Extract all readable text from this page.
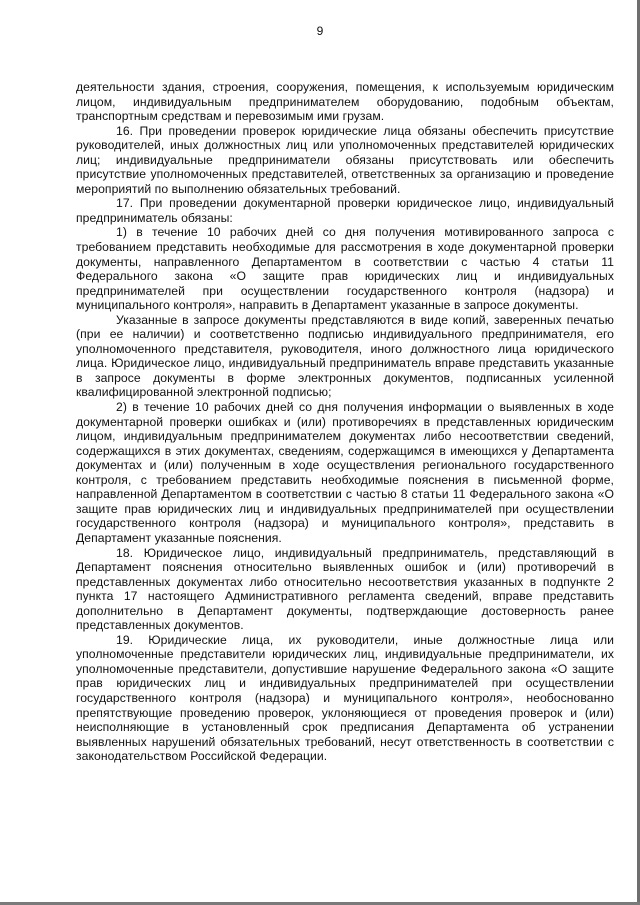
9

деятельности здания, строения, сооружения, помещения, к используемым юридическим лицом, индивидуальным предпринимателем оборудованию, подобным объектам, транспортным средствам и перевозимым ими грузам.

16. При проведении проверок юридические лица обязаны обеспечить присутствие руководителей, иных должностных лиц или уполномоченных представителей юридических лиц; индивидуальные предприниматели обязаны присутствовать или обеспечить присутствие уполномоченных представителей, ответственных за организацию и проведение мероприятий по выполнению обязательных требований.

17. При проведении документарной проверки юридическое лицо, индивидуальный предприниматель обязаны:

1) в течение 10 рабочих дней со дня получения мотивированного запроса с требованием представить необходимые для рассмотрения в ходе документарной проверки документы, направленного Департаментом в соответствии с частью 4 статьи 11 Федерального закона «О защите прав юридических лиц и индивидуальных предпринимателей при осуществлении государственного контроля (надзора) и муниципального контроля», направить в Департамент указанные в запросе документы.

Указанные в запросе документы представляются в виде копий, заверенных печатью (при ее наличии) и соответственно подписью индивидуального предпринимателя, его уполномоченного представителя, руководителя, иного должностного лица юридического лица. Юридическое лицо, индивидуальный предприниматель вправе представить указанные в запросе документы в форме электронных документов, подписанных усиленной квалифицированной электронной подписью;

2) в течение 10 рабочих дней со дня получения информации о выявленных в ходе документарной проверки ошибках и (или) противоречиях в представленных юридическим лицом, индивидуальным предпринимателем документах либо несоответствии сведений, содержащихся в этих документах, сведениям, содержащимся в имеющихся у Департамента документах и (или) полученным в ходе осуществления регионального государственного контроля, с требованием представить необходимые пояснения в письменной форме, направленной Департаментом в соответствии с частью 8 статьи 11 Федерального закона «О защите прав юридических лиц и индивидуальных предпринимателей при осуществлении государственного контроля (надзора) и муниципального контроля», представить в Департамент указанные пояснения.

18. Юридическое лицо, индивидуальный предприниматель, представляющий в Департамент пояснения относительно выявленных ошибок и (или) противоречий в представленных документах либо относительно несоответствия указанных в подпункте 2 пункта 17 настоящего Административного регламента сведений, вправе представить дополнительно в Департамент документы, подтверждающие достоверность ранее представленных документов.

19. Юридические лица, их руководители, иные должностные лица или уполномоченные представители юридических лиц, индивидуальные предприниматели, их уполномоченные представители, допустившие нарушение Федерального закона «О защите прав юридических лиц и индивидуальных предпринимателей при осуществлении государственного контроля (надзора) и муниципального контроля», необоснованно препятствующие проведению проверок, уклоняющиеся от проведения проверок и (или) неисполняющие в установленный срок предписания Департамента об устранении выявленных нарушений обязательных требований, несут ответственность в соответствии с законодательством Российской Федерации.
